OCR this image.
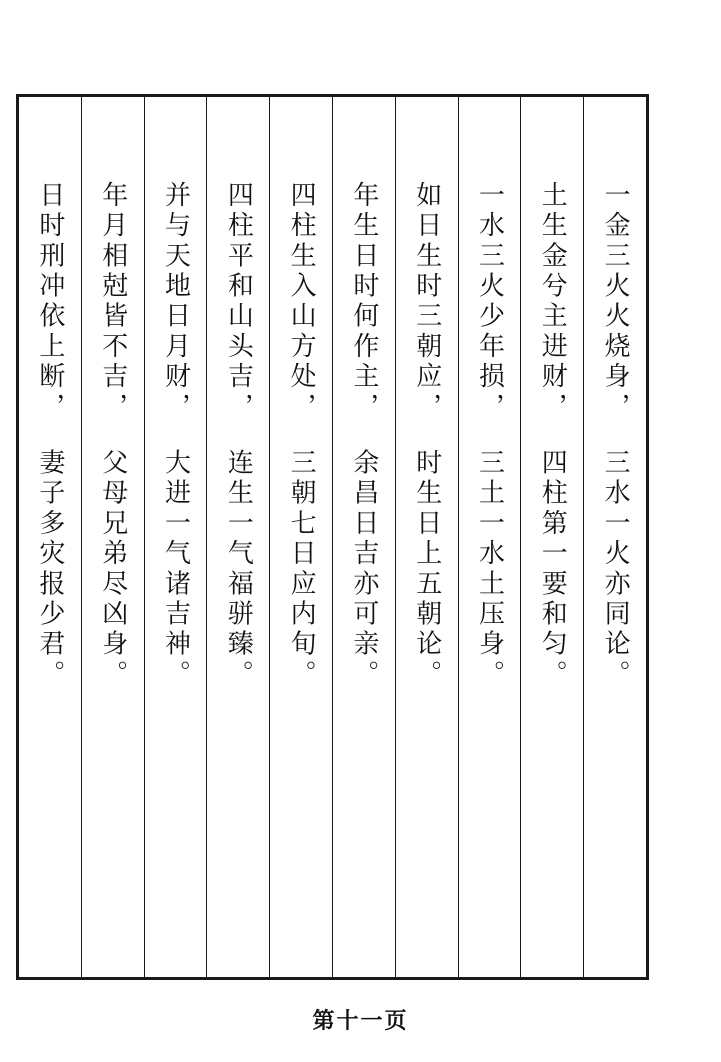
一金三火火烧身，三水一火亦同论。
土生金兮主进财，四柱第一要和匀。
一水三火少年损，三土一水土压身。
如日生时三朝应，时生日上五朝论。
年生日时何作主，余昌日吉亦可亲。
四柱生入山方处，三朝七日应内旬。
四柱平和山头吉，连生一气福骈臻。
并与天地日月财，大进一气诸吉神。
年月相尅皆不吉，父母兄弟尽凶身。
日时刑冲依上断，妻子多灾报少君。
第十一页
